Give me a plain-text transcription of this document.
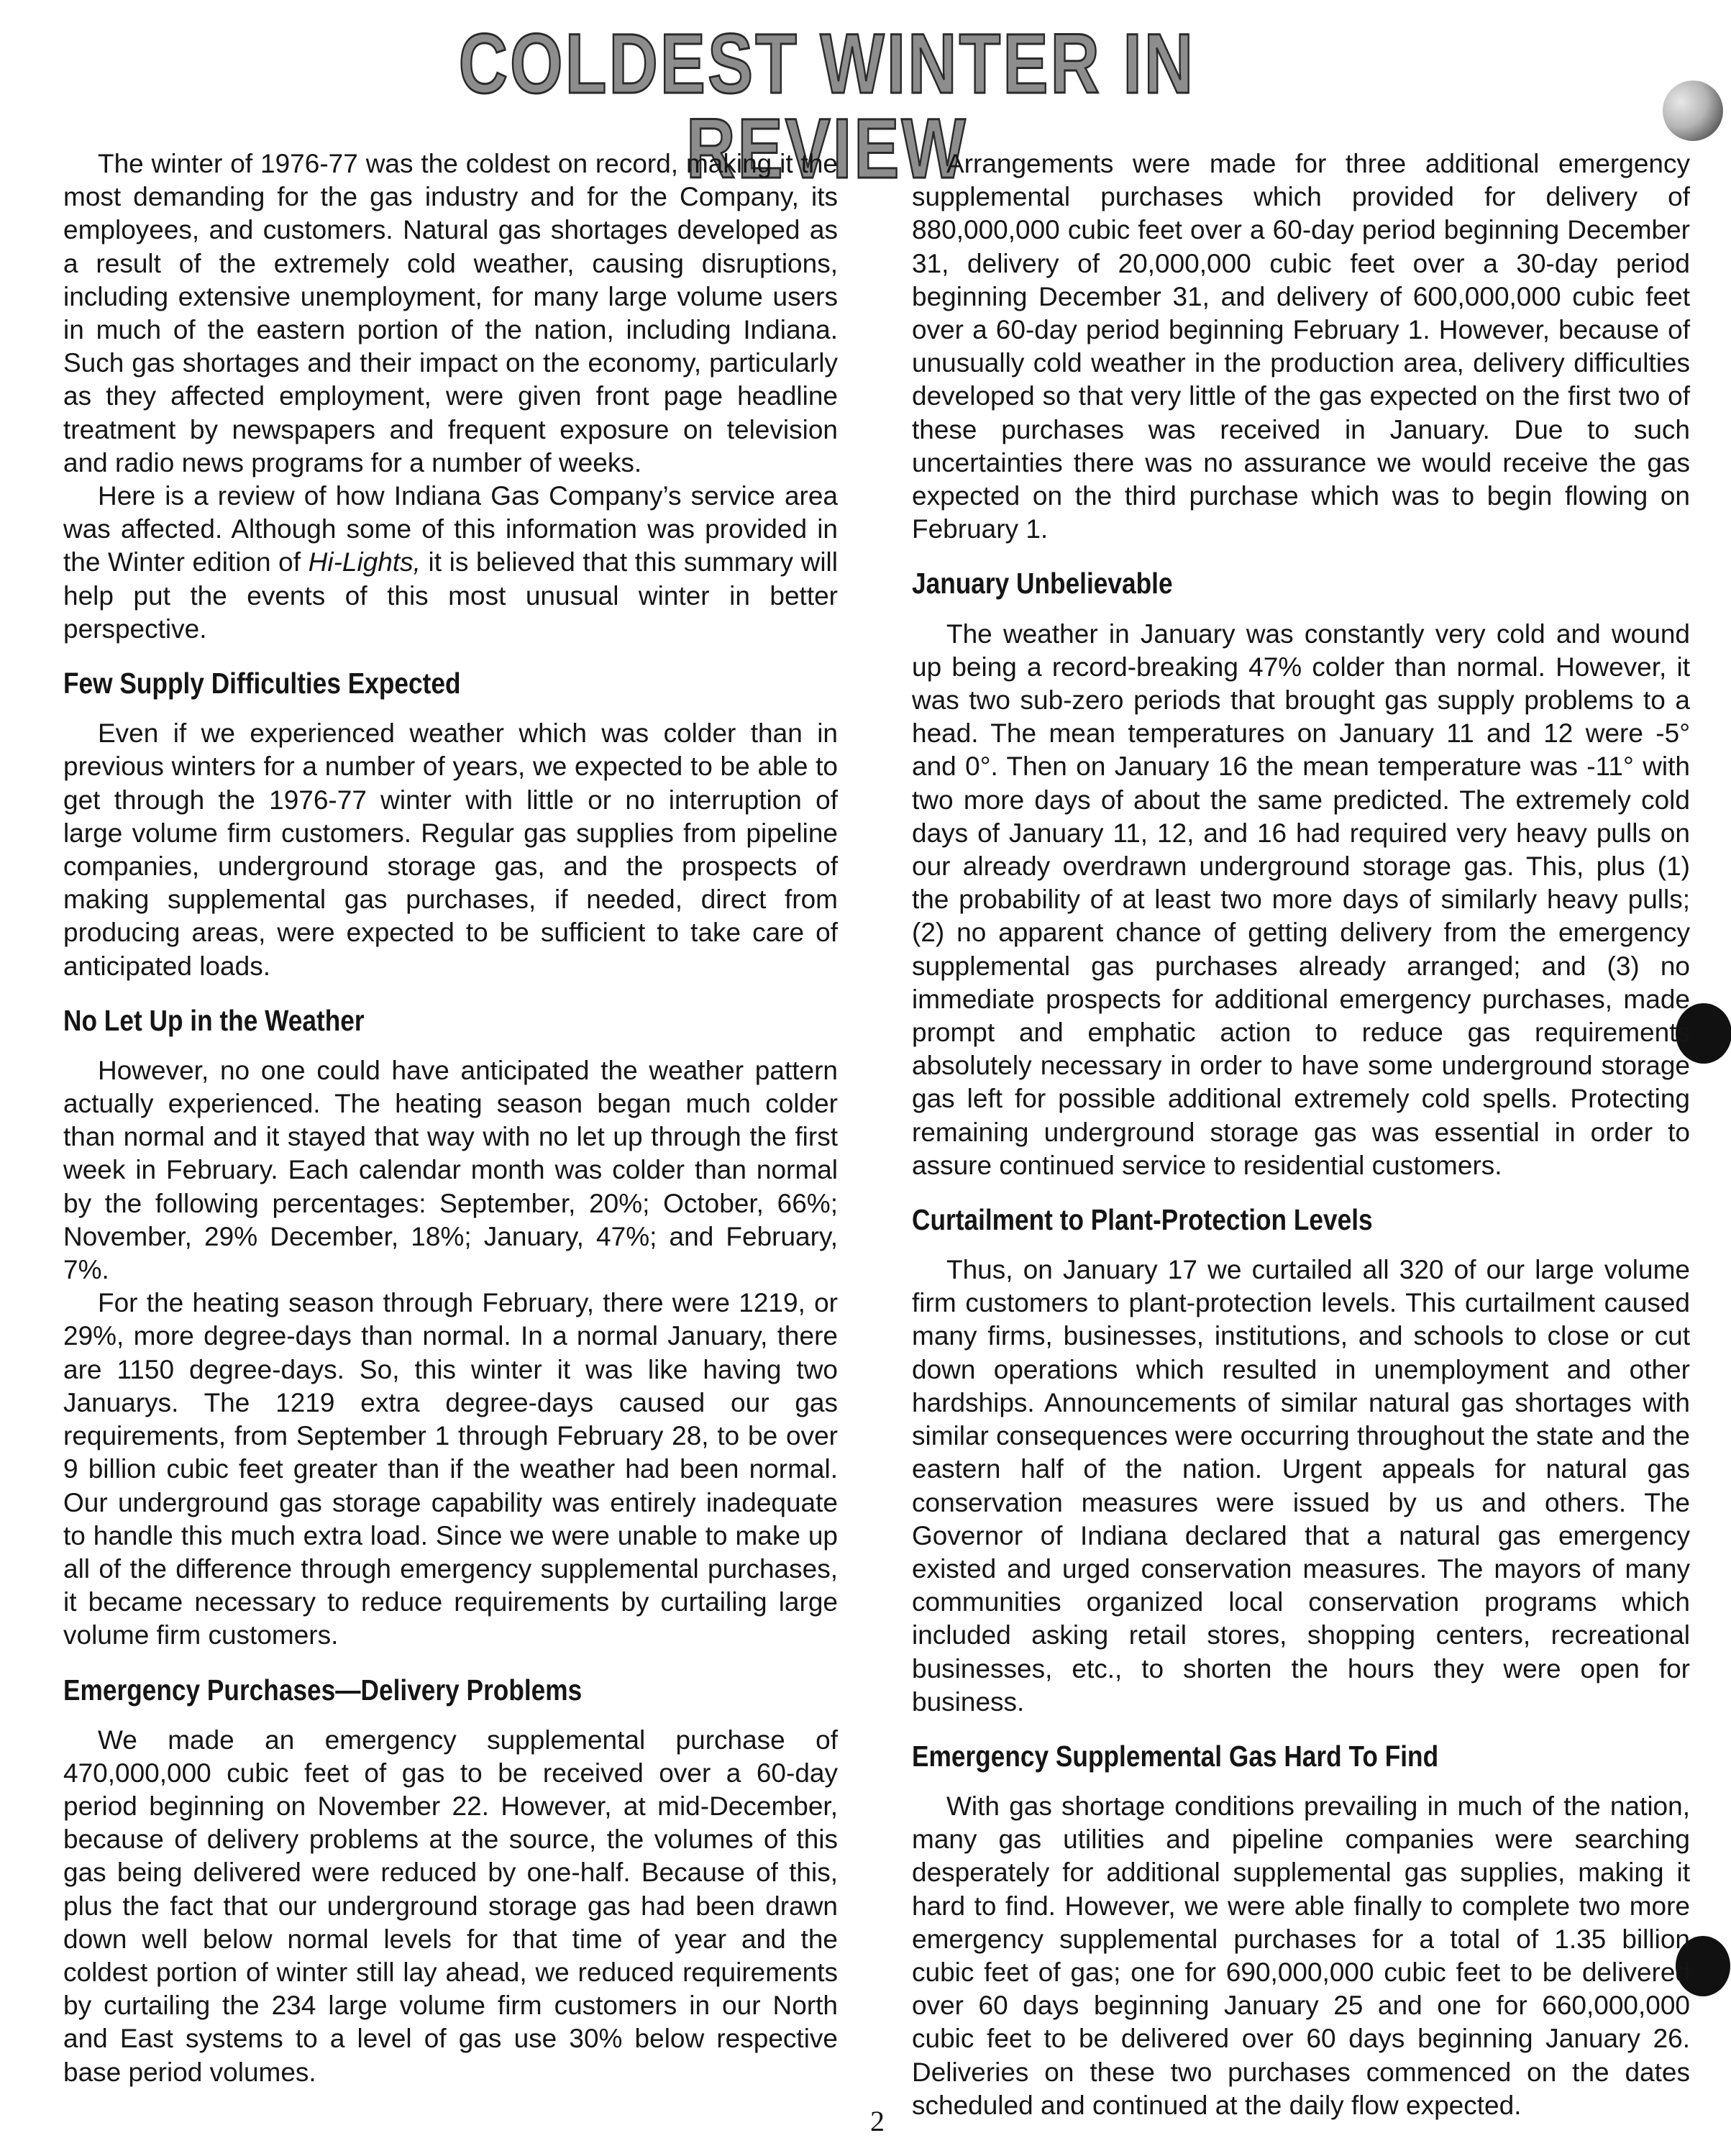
COLDEST WINTER IN REVIEW

The winter of 1976-77 was the coldest on record, making it the most demanding for the gas industry and for the Company, its employees, and customers. Natural gas shortages developed as a result of the extremely cold weather, causing disruptions, including extensive unemployment, for many large volume users in much of the eastern portion of the nation, including Indiana. Such gas shortages and their impact on the economy, particularly as they affected employment, were given front page headline treatment by newspapers and frequent exposure on television and radio news programs for a number of weeks.

Here is a review of how Indiana Gas Company’s service area was affected. Although some of this information was provided in the Winter edition of Hi-Lights, it is believed that this summary will help put the events of this most unusual winter in better perspective.

Few Supply Difficulties Expected

Even if we experienced weather which was colder than in previous winters for a number of years, we expected to be able to get through the 1976-77 winter with little or no interruption of large volume firm customers. Regular gas supplies from pipeline companies, underground storage gas, and the prospects of making supplemental gas purchases, if needed, direct from producing areas, were expected to be sufficient to take care of anticipated loads.

No Let Up in the Weather

However, no one could have anticipated the weather pattern actually experienced. The heating season began much colder than normal and it stayed that way with no let up through the first week in February. Each calendar month was colder than normal by the following percentages: September, 20%; October, 66%; November, 29% December, 18%; January, 47%; and February, 7%.

For the heating season through February, there were 1219, or 29%, more degree-days than normal. In a normal January, there are 1150 degree-days. So, this winter it was like having two Januarys. The 1219 extra degree-days caused our gas requirements, from September 1 through February 28, to be over 9 billion cubic feet greater than if the weather had been normal. Our underground gas storage capability was entirely inadequate to handle this much extra load. Since we were unable to make up all of the difference through emergency supplemental purchases, it became necessary to reduce requirements by curtailing large volume firm customers.

Emergency Purchases—Delivery Problems

We made an emergency supplemental purchase of 470,000,000 cubic feet of gas to be received over a 60-day period beginning on November 22. However, at mid-December, because of delivery problems at the source, the volumes of this gas being delivered were reduced by one-half. Because of this, plus the fact that our underground storage gas had been drawn down well below normal levels for that time of year and the coldest portion of winter still lay ahead, we reduced requirements by curtailing the 234 large volume firm customers in our North and East systems to a level of gas use 30% below respective base period volumes.

Arrangements were made for three additional emergency supplemental purchases which provided for delivery of 880,000,000 cubic feet over a 60-day period beginning December 31, delivery of 20,000,000 cubic feet over a 30-day period beginning December 31, and delivery of 600,000,000 cubic feet over a 60-day period beginning February 1. However, because of unusually cold weather in the production area, delivery difficulties developed so that very little of the gas expected on the first two of these purchases was received in January. Due to such uncertainties there was no assurance we would receive the gas expected on the third purchase which was to begin flowing on February 1.

January Unbelievable

The weather in January was constantly very cold and wound up being a record-breaking 47% colder than normal. However, it was two sub-zero periods that brought gas supply problems to a head. The mean temperatures on January 11 and 12 were -5° and 0°. Then on January 16 the mean temperature was -11° with two more days of about the same predicted. The extremely cold days of January 11, 12, and 16 had required very heavy pulls on our already overdrawn underground storage gas. This, plus (1) the probability of at least two more days of similarly heavy pulls; (2) no apparent chance of getting delivery from the emergency supplemental gas purchases already arranged; and (3) no immediate prospects for additional emergency purchases, made prompt and emphatic action to reduce gas requirements absolutely necessary in order to have some underground storage gas left for possible additional extremely cold spells. Protecting remaining underground storage gas was essential in order to assure continued service to residential customers.

Curtailment to Plant-Protection Levels

Thus, on January 17 we curtailed all 320 of our large volume firm customers to plant-protection levels. This curtailment caused many firms, businesses, institutions, and schools to close or cut down operations which resulted in unemployment and other hardships. Announcements of similar natural gas shortages with similar consequences were occurring throughout the state and the eastern half of the nation. Urgent appeals for natural gas conservation measures were issued by us and others. The Governor of Indiana declared that a natural gas emergency existed and urged conservation measures. The mayors of many communities organized local conservation programs which included asking retail stores, shopping centers, recreational businesses, etc., to shorten the hours they were open for business.

Emergency Supplemental Gas Hard To Find

With gas shortage conditions prevailing in much of the nation, many gas utilities and pipeline companies were searching desperately for additional supplemental gas supplies, making it hard to find. However, we were able finally to complete two more emergency supplemental purchases for a total of 1.35 billion cubic feet of gas; one for 690,000,000 cubic feet to be delivered over 60 days beginning January 25 and one for 660,000,000 cubic feet to be delivered over 60 days beginning January 26. Deliveries on these two purchases commenced on the dates scheduled and continued at the daily flow expected.

2
